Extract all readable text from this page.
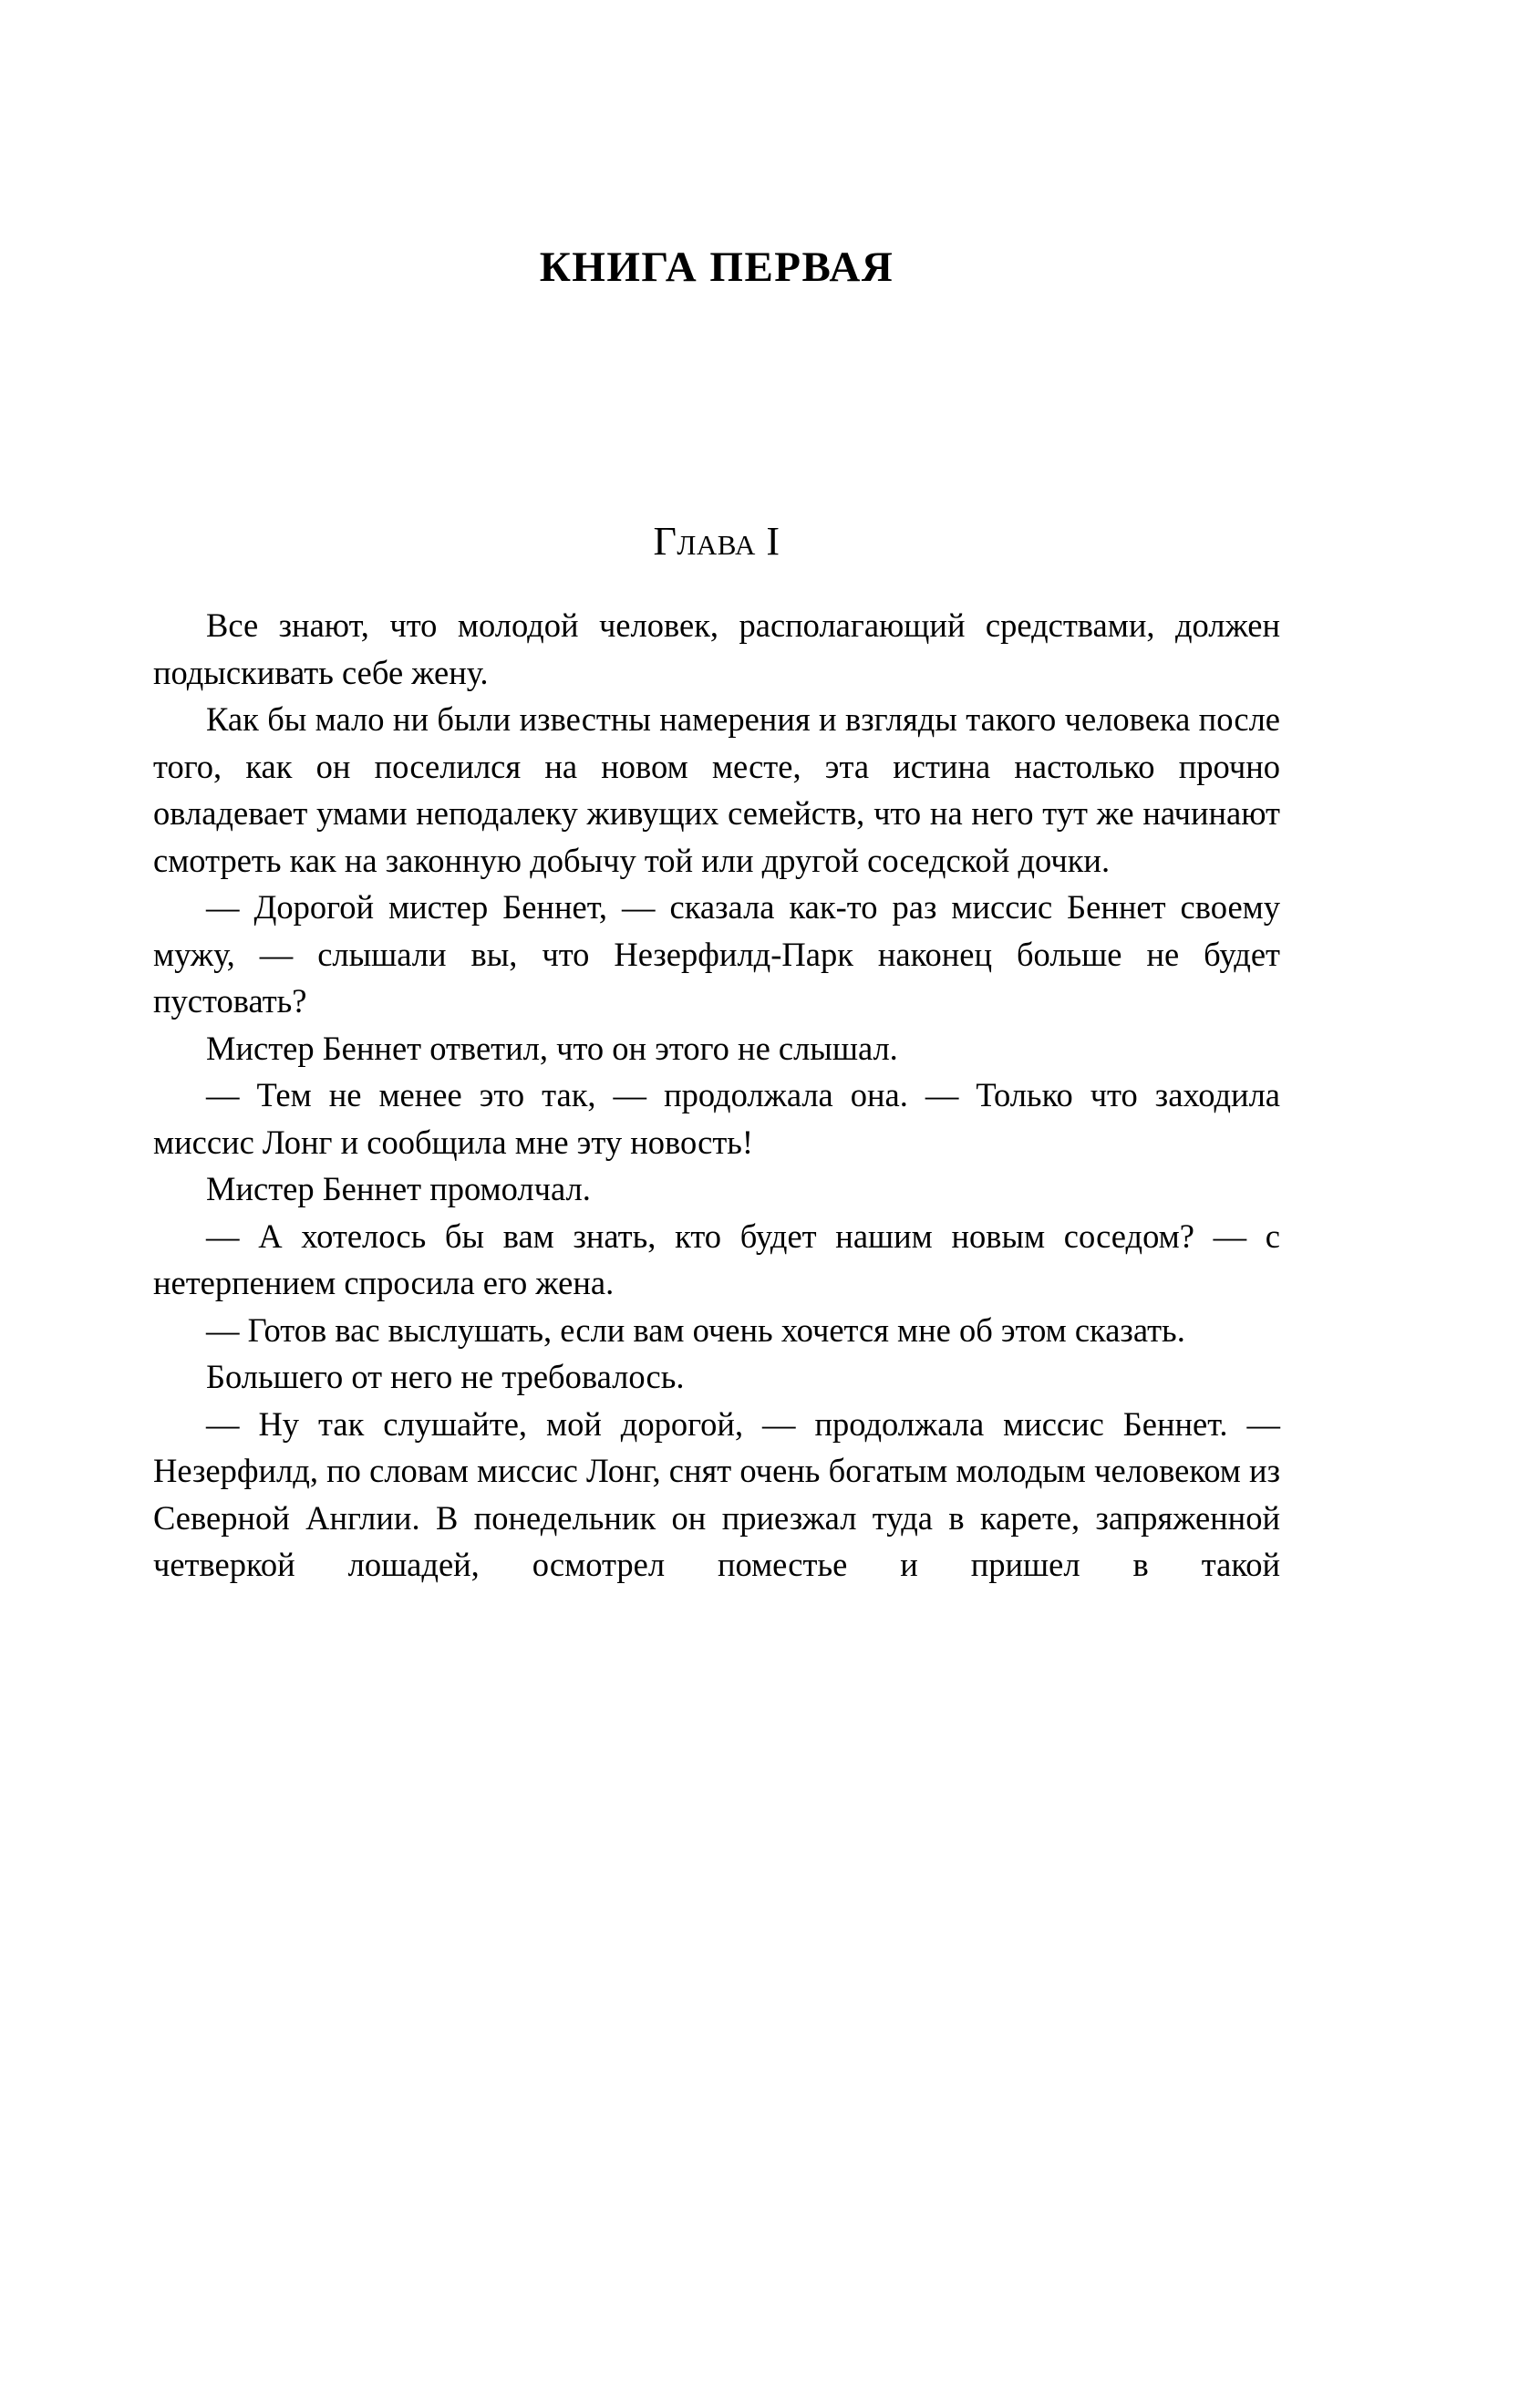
КНИГА ПЕРВАЯ
Глава I

Все знают, что молодой человек, располагающий средствами, должен подыскивать себе жену.

Как бы мало ни были известны намерения и взгляды такого человека после того, как он поселился на новом месте, эта истина настолько прочно овладевает умами неподалеку живущих семейств, что на него тут же начинают смотреть как на законную добычу той или другой соседской дочки.

— Дорогой мистер Беннет, — сказала как-то раз миссис Беннет своему мужу, — слышали вы, что Незерфилд-Парк наконец больше не будет пустовать?

Мистер Беннет ответил, что он этого не слышал.

— Тем не менее это так, — продолжала она. — Только что заходила миссис Лонг и сообщила мне эту новость!

Мистер Беннет промолчал.

— А хотелось бы вам знать, кто будет нашим новым соседом? — с нетерпением спросила его жена.

— Готов вас выслушать, если вам очень хочется мне об этом сказать.

Большего от него не требовалось.

— Ну так слушайте, мой дорогой, — продолжала миссис Беннет. — Незерфилд, по словам миссис Лонг, снят очень богатым молодым человеком из Северной Англии. В понедельник он приезжал туда в карете, запряженной четверкой лошадей, осмотрел поместье и пришел в такой
